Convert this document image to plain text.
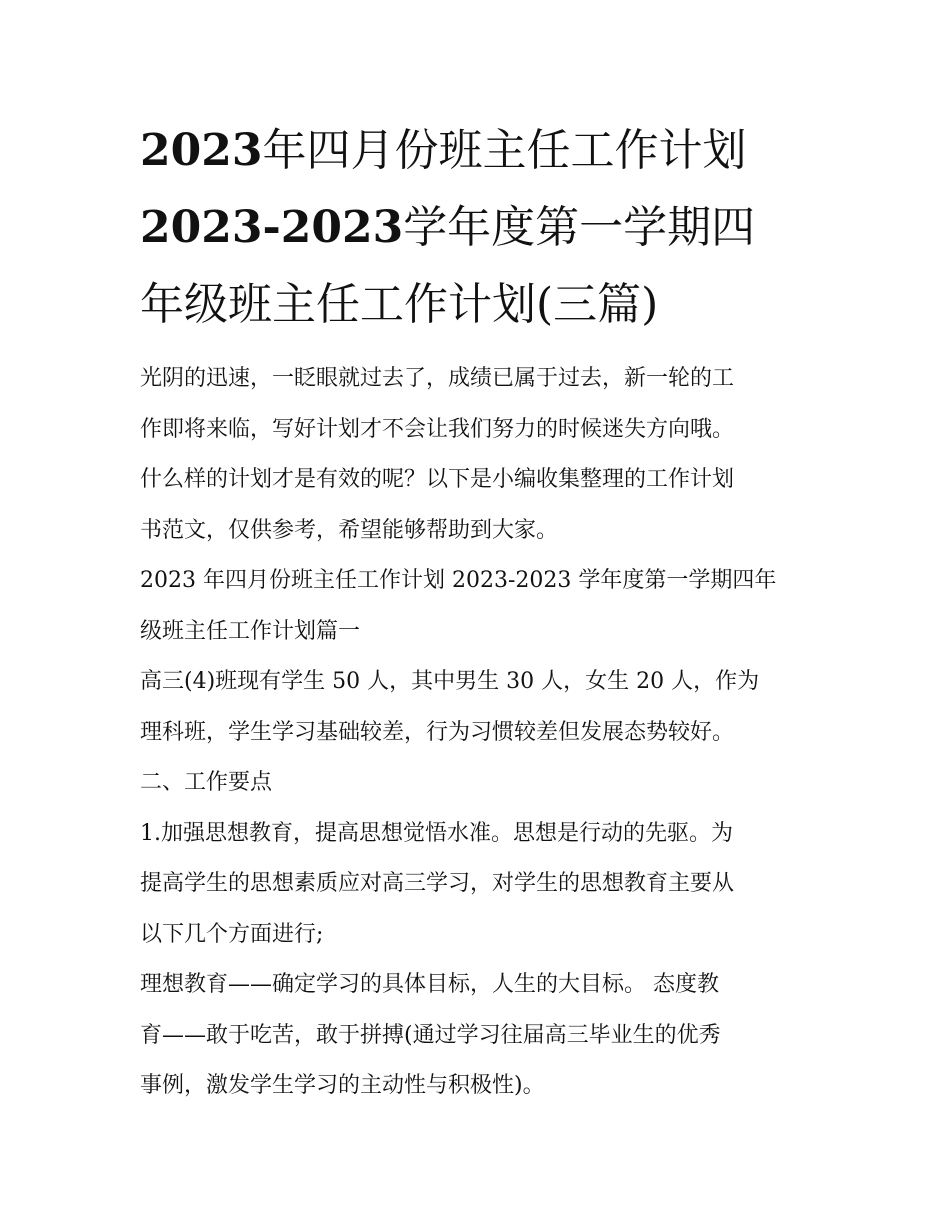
2023年四月份班主任工作计划
2023-2023学年度第一学期四
年级班主任工作计划(三篇)
光阴的迅速，一眨眼就过去了，成绩已属于过去，新一轮的工
作即将来临，写好计划才不会让我们努力的时候迷失方向哦。
什么样的计划才是有效的呢？以下是小编收集整理的工作计划
书范文，仅供参考，希望能够帮助到大家。
2023 年四月份班主任工作计划 2023-2023 学年度第一学期四年
级班主任工作计划篇一
高三(4)班现有学生 50 人，其中男生 30 人，女生 20 人，作为
理科班，学生学习基础较差，行为习惯较差但发展态势较好。
二、工作要点
1.加强思想教育，提高思想觉悟水准。思想是行动的先驱。为
提高学生的思想素质应对高三学习，对学生的思想教育主要从
以下几个方面进行;
理想教育——确定学习的具体目标，人生的大目标。 态度教
育——敢于吃苦，敢于拼搏(通过学习往届高三毕业生的优秀
事例，激发学生学习的主动性与积极性)。
